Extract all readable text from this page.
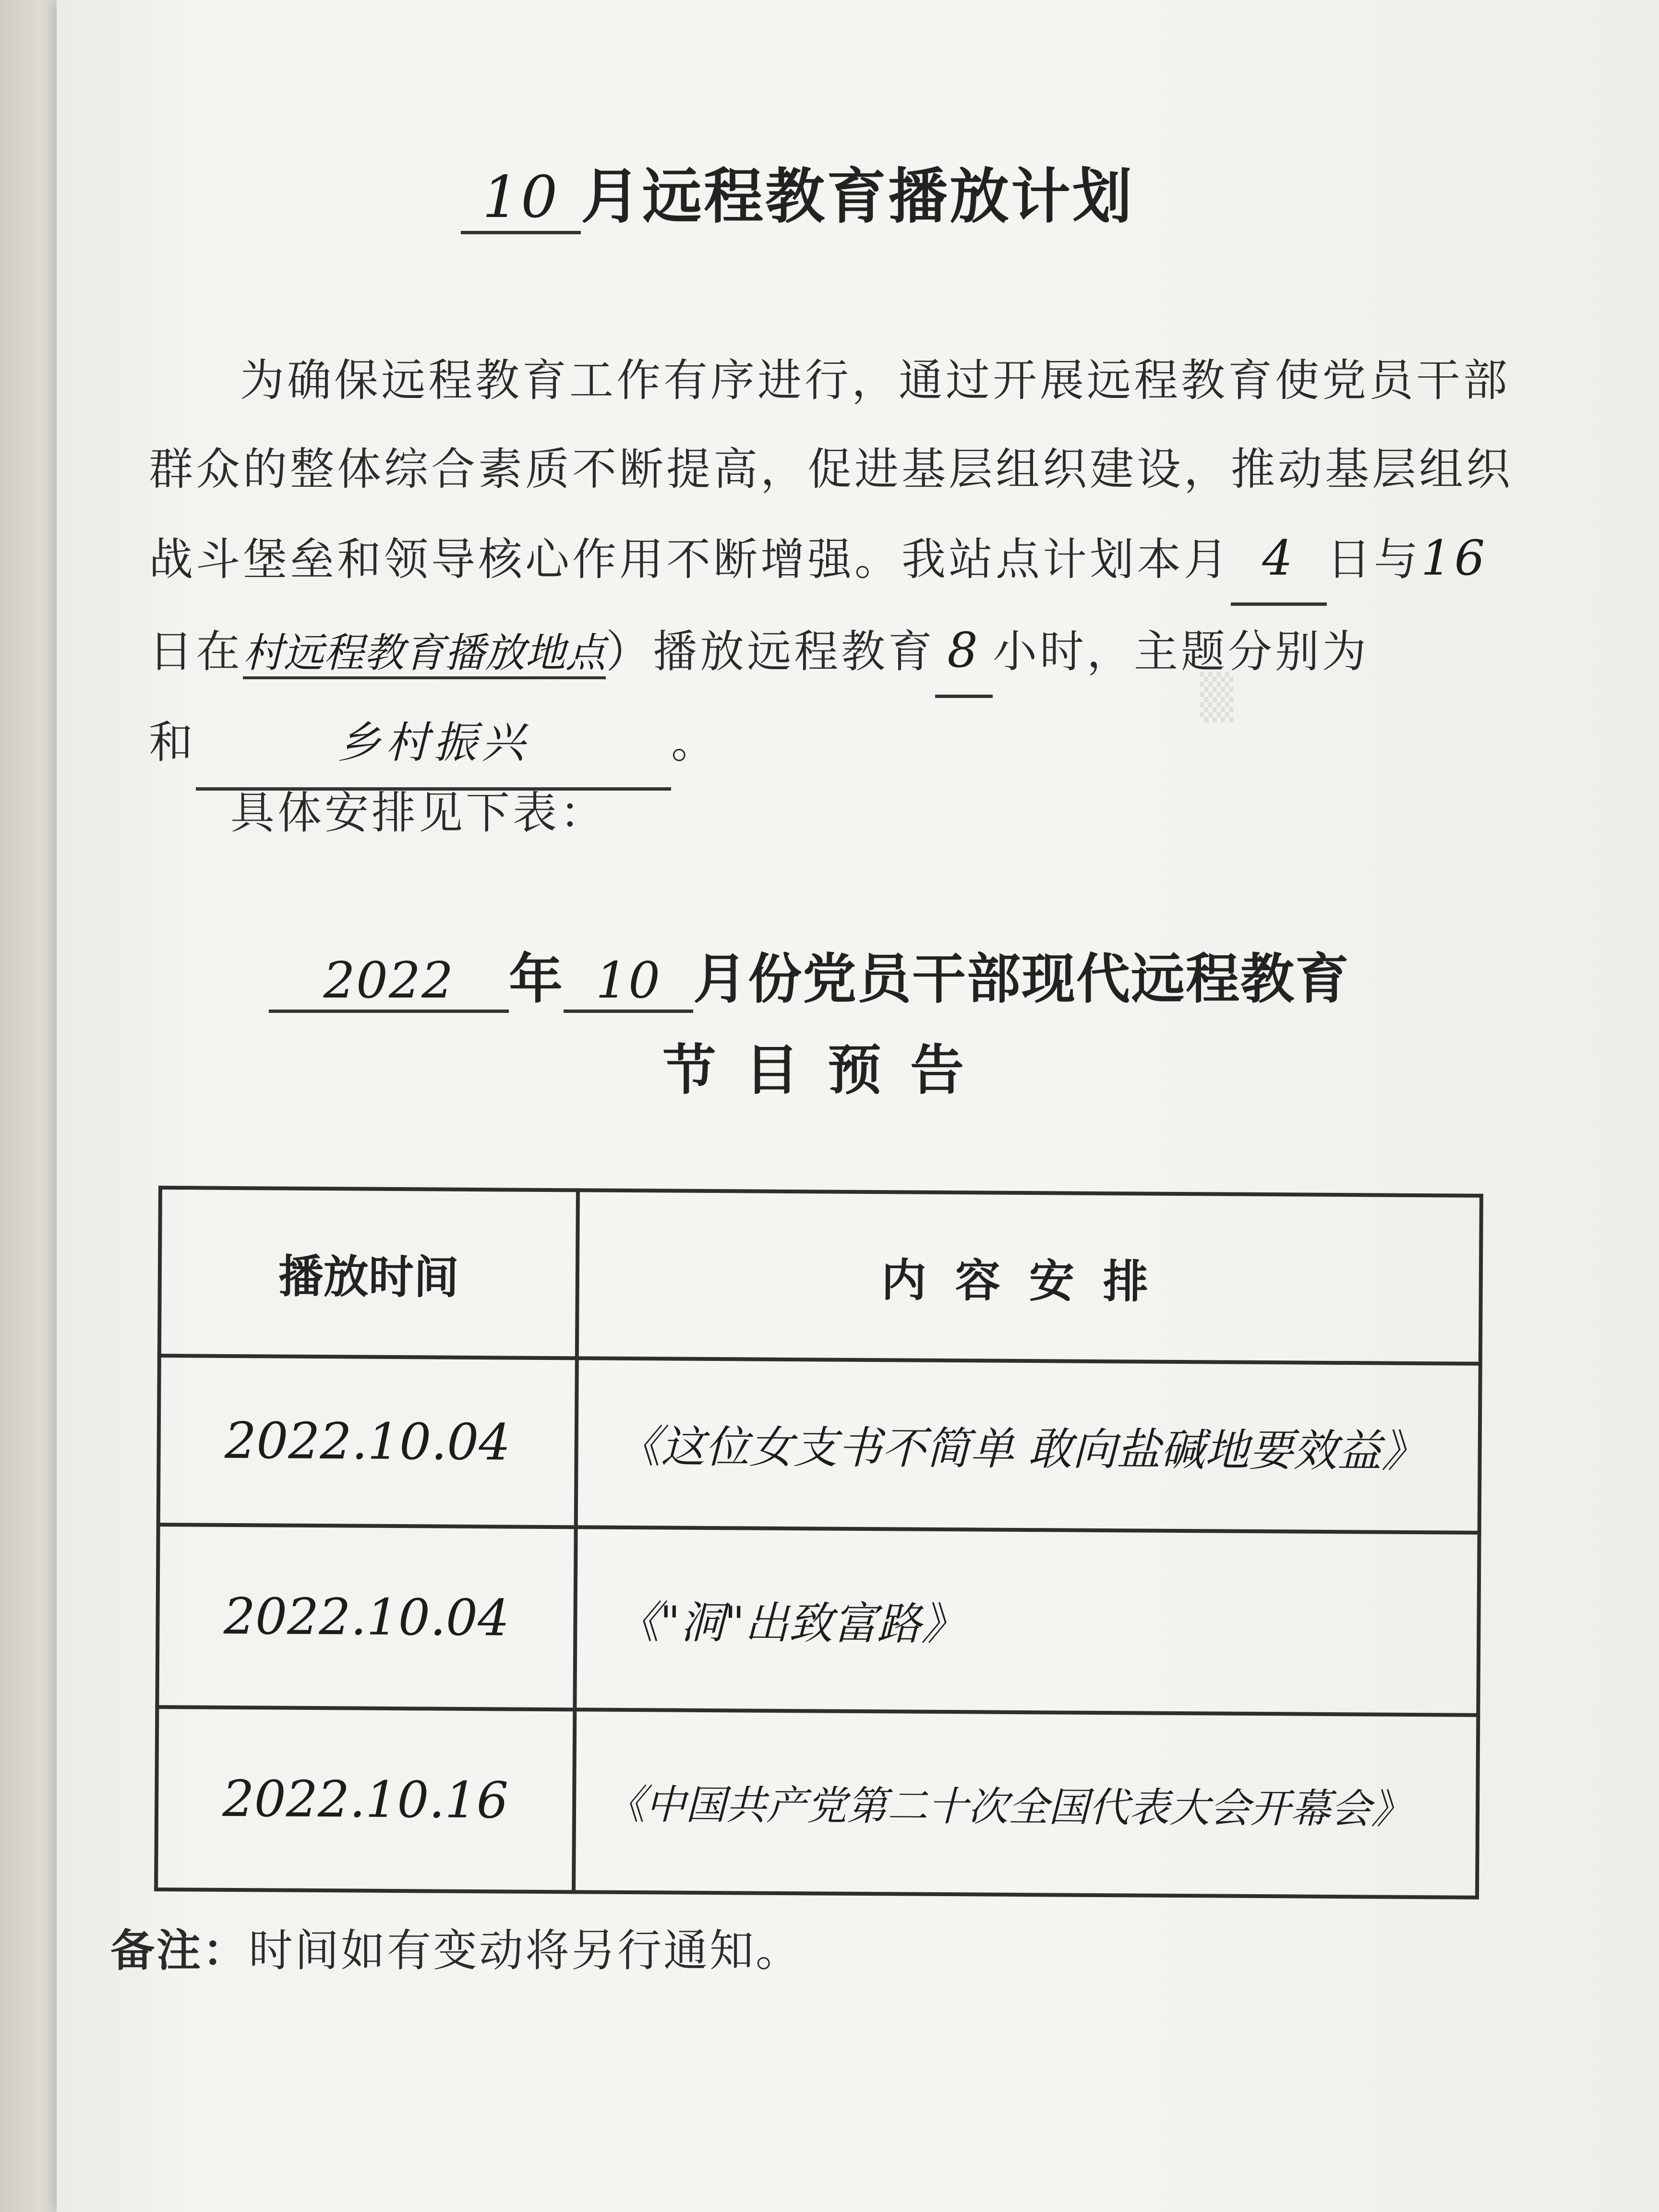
▒
10 月远程教育播放计划
为确保远程教育工作有序进行，通过开展远程教育使党员干部
群众的整体综合素质不断提高，促进基层组织建设，推动基层组织
战斗堡垒和领导核心作用不断增强。我站点计划本月 4 日与16
日在村远程教育播放地点）播放远程教育 8 小时，主题分别为
和	乡村振兴	。
具体安排见下表：
2022 年 10 月份党员干部现代远程教育
节目预告
播放时间	内容安排
2022.10.04	《这位女支书不简单 敢向盐碱地要效益》
2022.10.04	《"洞"出致富路》
2022.10.16	《中国共产党第二十次全国代表大会开幕会》
备注：时间如有变动将另行通知。
